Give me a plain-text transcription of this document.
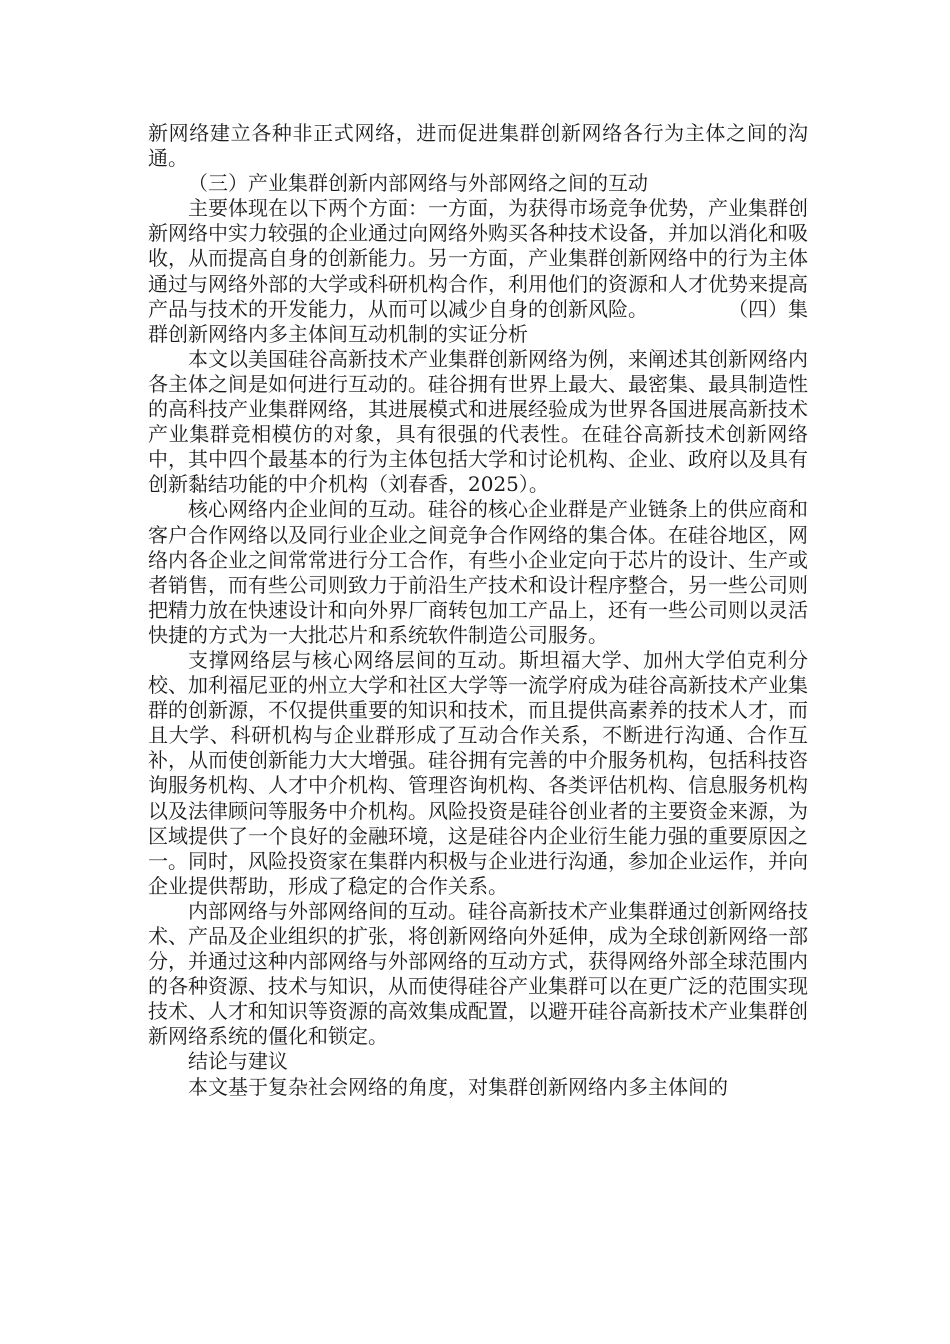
新网络建立各种非正式网络，进而促进集群创新网络各行为主体之间的沟通。

（三）产业集群创新内部网络与外部网络之间的互动

主要体现在以下两个方面：一方面，为获得市场竞争优势，产业集群创新网络中实力较强的企业通过向网络外购买各种技术设备，并加以消化和吸收，从而提高自身的创新能力。另一方面，产业集群创新网络中的行为主体通过与网络外部的大学或科研机构合作，利用他们的资源和人才优势来提高产品与技术的开发能力，从而可以减少自身的创新风险。	（四）集群创新网络内多主体间互动机制的实证分析

本文以美国硅谷高新技术产业集群创新网络为例，来阐述其创新网络内各主体之间是如何进行互动的。硅谷拥有世界上最大、最密集、最具制造性的高科技产业集群网络，其进展模式和进展经验成为世界各国进展高新技术产业集群竞相模仿的对象，具有很强的代表性。在硅谷高新技术创新网络中，其中四个最基本的行为主体包括大学和讨论机构、企业、政府以及具有创新黏结功能的中介机构（刘春香，2025）。

核心网络内企业间的互动。硅谷的核心企业群是产业链条上的供应商和客户合作网络以及同行业企业之间竞争合作网络的集合体。在硅谷地区，网络内各企业之间常常进行分工合作，有些小企业定向于芯片的设计、生产或者销售，而有些公司则致力于前沿生产技术和设计程序整合，另一些公司则把精力放在快速设计和向外界厂商转包加工产品上，还有一些公司则以灵活快捷的方式为一大批芯片和系统软件制造公司服务。

支撑网络层与核心网络层间的互动。斯坦福大学、加州大学伯克利分校、加利福尼亚的州立大学和社区大学等一流学府成为硅谷高新技术产业集群的创新源，不仅提供重要的知识和技术，而且提供高素养的技术人才，而且大学、科研机构与企业群形成了互动合作关系，不断进行沟通、合作互补，从而使创新能力大大增强。硅谷拥有完善的中介服务机构，包括科技咨询服务机构、人才中介机构、管理咨询机构、各类评估机构、信息服务机构以及法律顾问等服务中介机构。风险投资是硅谷创业者的主要资金来源，为区域提供了一个良好的金融环境，这是硅谷内企业衍生能力强的重要原因之一。同时，风险投资家在集群内积极与企业进行沟通，参加企业运作，并向企业提供帮助，形成了稳定的合作关系。

内部网络与外部网络间的互动。硅谷高新技术产业集群通过创新网络技术、产品及企业组织的扩张，将创新网络向外延伸，成为全球创新网络一部分，并通过这种内部网络与外部网络的互动方式，获得网络外部全球范围内的各种资源、技术与知识，从而使得硅谷产业集群可以在更广泛的范围实现技术、人才和知识等资源的高效集成配置，以避开硅谷高新技术产业集群创新网络系统的僵化和锁定。

结论与建议

本文基于复杂社会网络的角度，对集群创新网络内多主体间的
